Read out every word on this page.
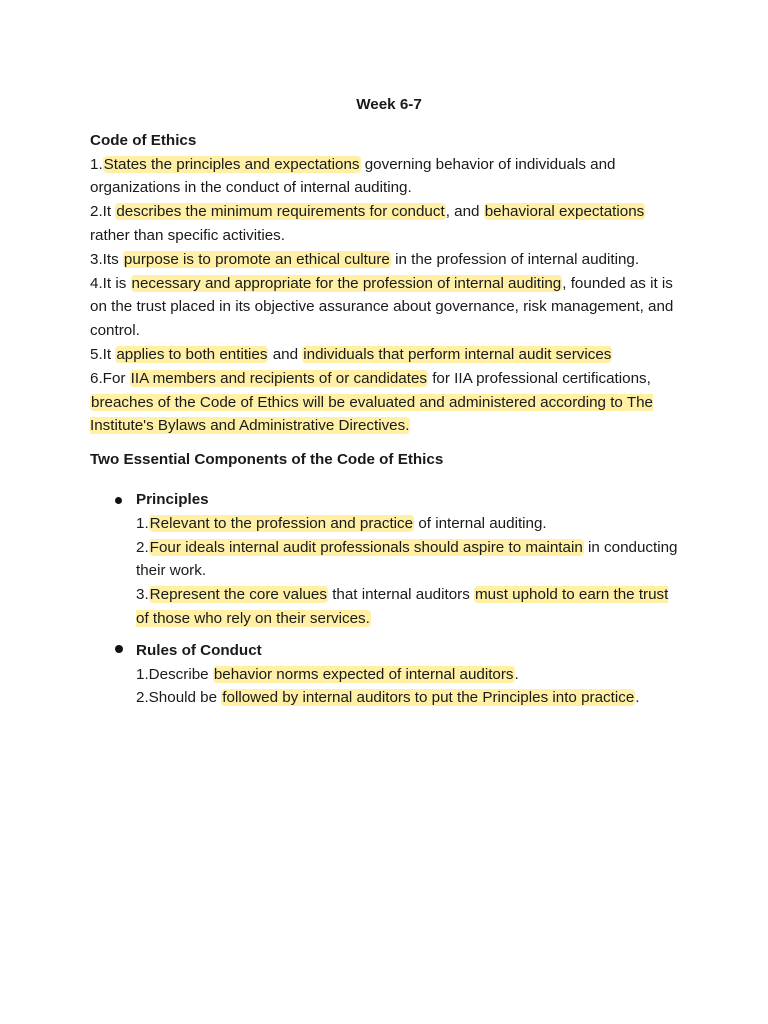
Week 6-7
Code of Ethics

1.States the principles and expectations governing behavior of individuals and organizations in the conduct of internal auditing.

2.It describes the minimum requirements for conduct, and behavioral expectations rather than specific activities.

3.Its purpose is to promote an ethical culture in the profession of internal auditing.

4.It is necessary and appropriate for the profession of internal auditing, founded as it is on the trust placed in its objective assurance about governance, risk management, and control.

5.It applies to both entities and individuals that perform internal audit services

6.For IIA members and recipients of or candidates for IIA professional certifications, breaches of the Code of Ethics will be evaluated and administered according to The Institute's Bylaws and Administrative Directives.

Two Essential Components of the Code of Ethics
Principles

1.Relevant to the profession and practice of internal auditing.

2.Four ideals internal audit professionals should aspire to maintain in conducting their work.

3.Represent the core values that internal auditors must uphold to earn the trust of those who rely on their services.

Rules of Conduct

1.Describe behavior norms expected of internal auditors.

2.Should be followed by internal auditors to put the Principles into practice.
